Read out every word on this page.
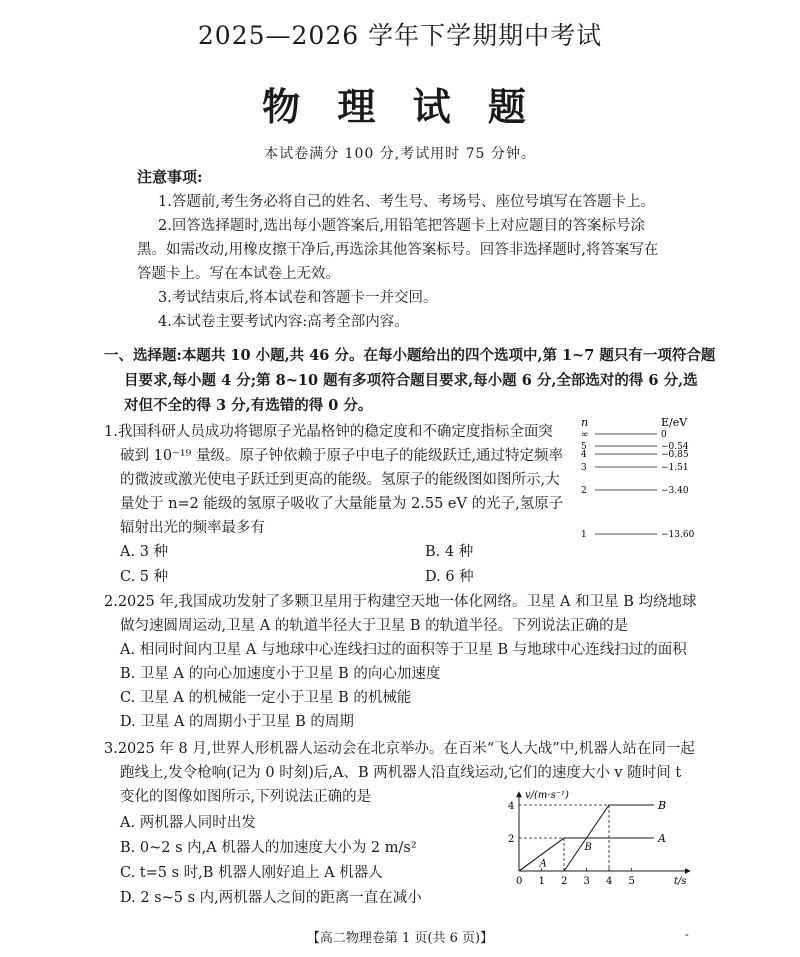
2025—2026 学年下学期期中考试
物 理 试 题
本试卷满分 100 分,考试用时 75 分钟。
注意事项:
1.答题前,考生务必将自己的姓名、考生号、考场号、座位号填写在答题卡上。
2.回答选择题时,选出每小题答案后,用铅笔把答题卡上对应题目的答案标号涂
黑。如需改动,用橡皮擦干净后,再选涂其他答案标号。回答非选择题时,将答案写在
答题卡上。写在本试卷上无效。
3.考试结束后,将本试卷和答题卡一并交回。
4.本试卷主要考试内容:高考全部内容。
一、选择题:本题共 10 小题,共 46 分。在每小题给出的四个选项中,第 1~7 题只有一项符合题
目要求,每小题 4 分;第 8~10 题有多项符合题目要求,每小题 6 分,全部选对的得 6 分,选
对但不全的得 3 分,有选错的得 0 分。
1.我国科研人员成功将锶原子光晶格钟的稳定度和不确定度指标全面突
破到 10⁻¹⁹ 量级。原子钟依赖于原子中电子的能级跃迁,通过特定频率
的微波或激光使电子跃迁到更高的能级。氢原子的能级图如图所示,大
量处于 n=2 能级的氢原子吸收了大量能量为 2.55 eV 的光子,氢原子
辐射出光的频率最多有
A. 3 种	B. 4 种
C. 5 种	D. 6 种
n	E/eV
∞	0
5	−0.54
4	−0.85
3	−1.51
2	−3.40
1	−13.60
2.2025 年,我国成功发射了多颗卫星用于构建空天地一体化网络。卫星 A 和卫星 B 均绕地球
做匀速圆周运动,卫星 A 的轨道半径大于卫星 B 的轨道半径。下列说法正确的是
A. 相同时间内卫星 A 与地球中心连线扫过的面积等于卫星 B 与地球中心连线扫过的面积
B. 卫星 A 的向心加速度小于卫星 B 的向心加速度
C. 卫星 A 的机械能一定小于卫星 B 的机械能
D. 卫星 A 的周期小于卫星 B 的周期
3.2025 年 8 月,世界人形机器人运动会在北京举办。在百米“飞人大战”中,机器人站在同一起
跑线上,发令枪响(记为 0 时刻)后,A、B 两机器人沿直线运动,它们的速度大小 v 随时间 t
变化的图像如图所示,下列说法正确的是
A. 两机器人同时出发
B. 0~2 s 内,A 机器人的加速度大小为 2 m/s²
C. t=5 s 时,B 机器人刚好追上 A 机器人
D. 2 s~5 s 内,两机器人之间的距离一直在减小
v/(m·s⁻¹)
t/s
0 1 2 3 4 5
2
4
A
A
B
B
【高二物理卷第 1 页(共 6 页)】	-
